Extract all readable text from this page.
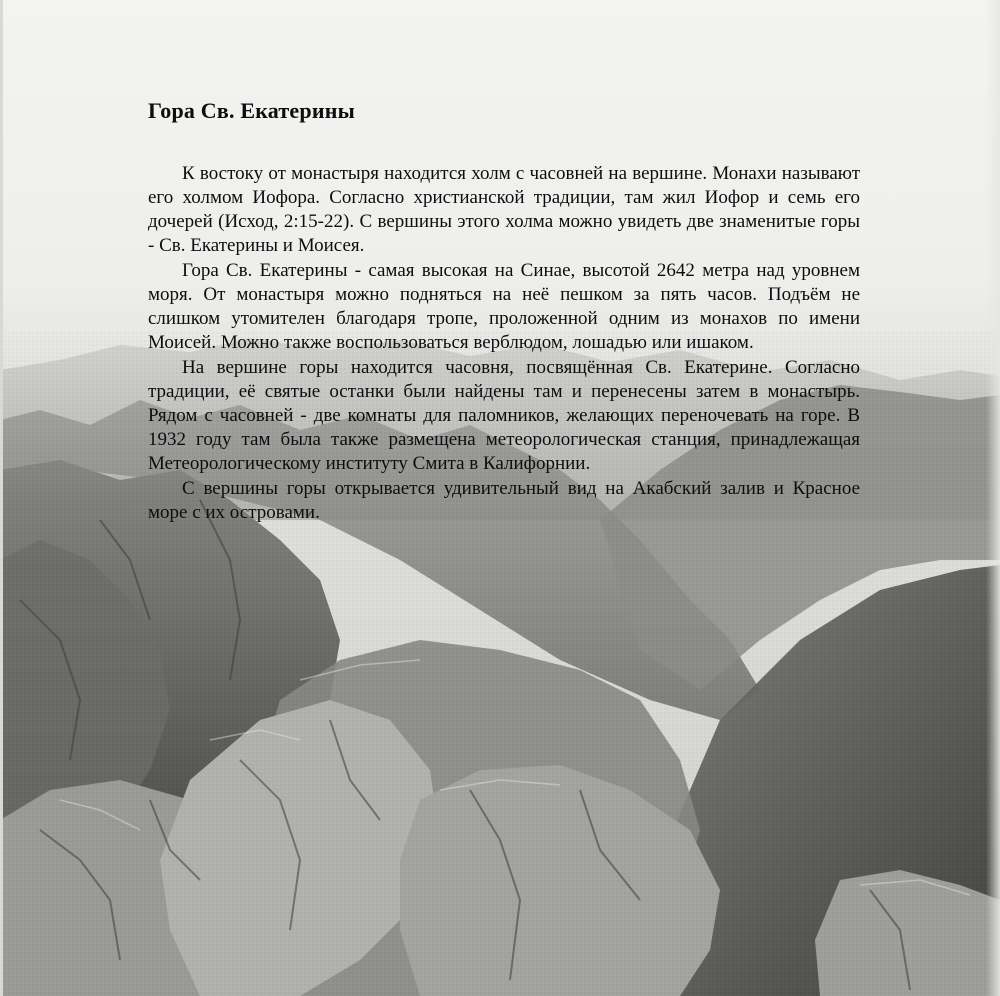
Гора Св. Екатерины

К востоку от монастыря находится холм с часовней на вершине. Монахи называют его холмом Иофора. Согласно христианской традиции, там жил Иофор и семь его дочерей (Исход, 2:15-22). С вершины этого холма можно увидеть две знаменитые горы - Св. Екатерины и Моисея.

Гора Св. Екатерины - самая высокая на Синае, высотой 2642 метра над уровнем моря. От монастыря можно подняться на неё пешком за пять часов. Подъём не слишком утомителен благодаря тропе, проложенной одним из монахов по имени Моисей. Можно также воспользоваться верблюдом, лошадью или ишаком.

На вершине горы находится часовня, посвящённая Св. Екатерине. Согласно традиции, её святые останки были найдены там и перенесены затем в монастырь. Рядом с часовней - две комнаты для паломников, желающих переночевать на горе. В 1932 году там была также размещена метеорологическая станция, принадлежащая Метеорологическому институту Смита в Калифорнии.

С вершины горы открывается удивительный вид на Акабский залив и Красное море с их островами.
